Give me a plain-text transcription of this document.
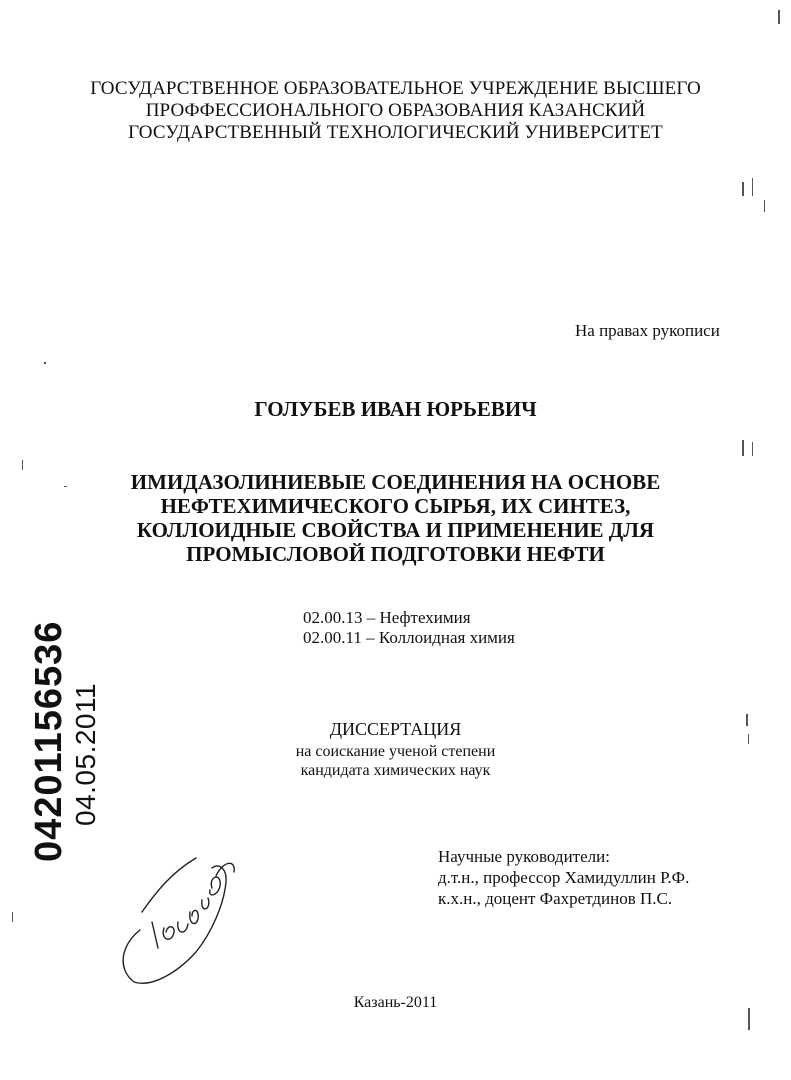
ГОСУДАРСТВЕННОЕ ОБРАЗОВАТЕЛЬНОЕ УЧРЕЖДЕНИЕ ВЫСШЕГО
ПРОФФЕССИОНАЛЬНОГО ОБРАЗОВАНИЯ КАЗАНСКИЙ
ГОСУДАРСТВЕННЫЙ ТЕХНОЛОГИЧЕСКИЙ УНИВЕРСИТЕТ
На правах рукописи
ГОЛУБЕВ ИВАН ЮРЬЕВИЧ
ИМИДАЗОЛИНИЕВЫЕ СОЕДИНЕНИЯ НА ОСНОВЕ
НЕФТЕХИМИЧЕСКОГО СЫРЬЯ, ИХ СИНТЕЗ,
КОЛЛОИДНЫЕ СВОЙСТВА И ПРИМЕНЕНИЕ ДЛЯ
ПРОМЫСЛОВОЙ ПОДГОТОВКИ НЕФТИ
02.00.13 – Нефтехимия
02.00.11 – Коллоидная химия
ДИССЕРТАЦИЯ
на соискание ученой степени
кандидата химических наук
Научные руководители:
д.т.н., профессор Хамидуллин Р.Ф.
к.х.н., доцент Фахретдинов П.С.
Казань-2011
04201156536 04.05.2011
